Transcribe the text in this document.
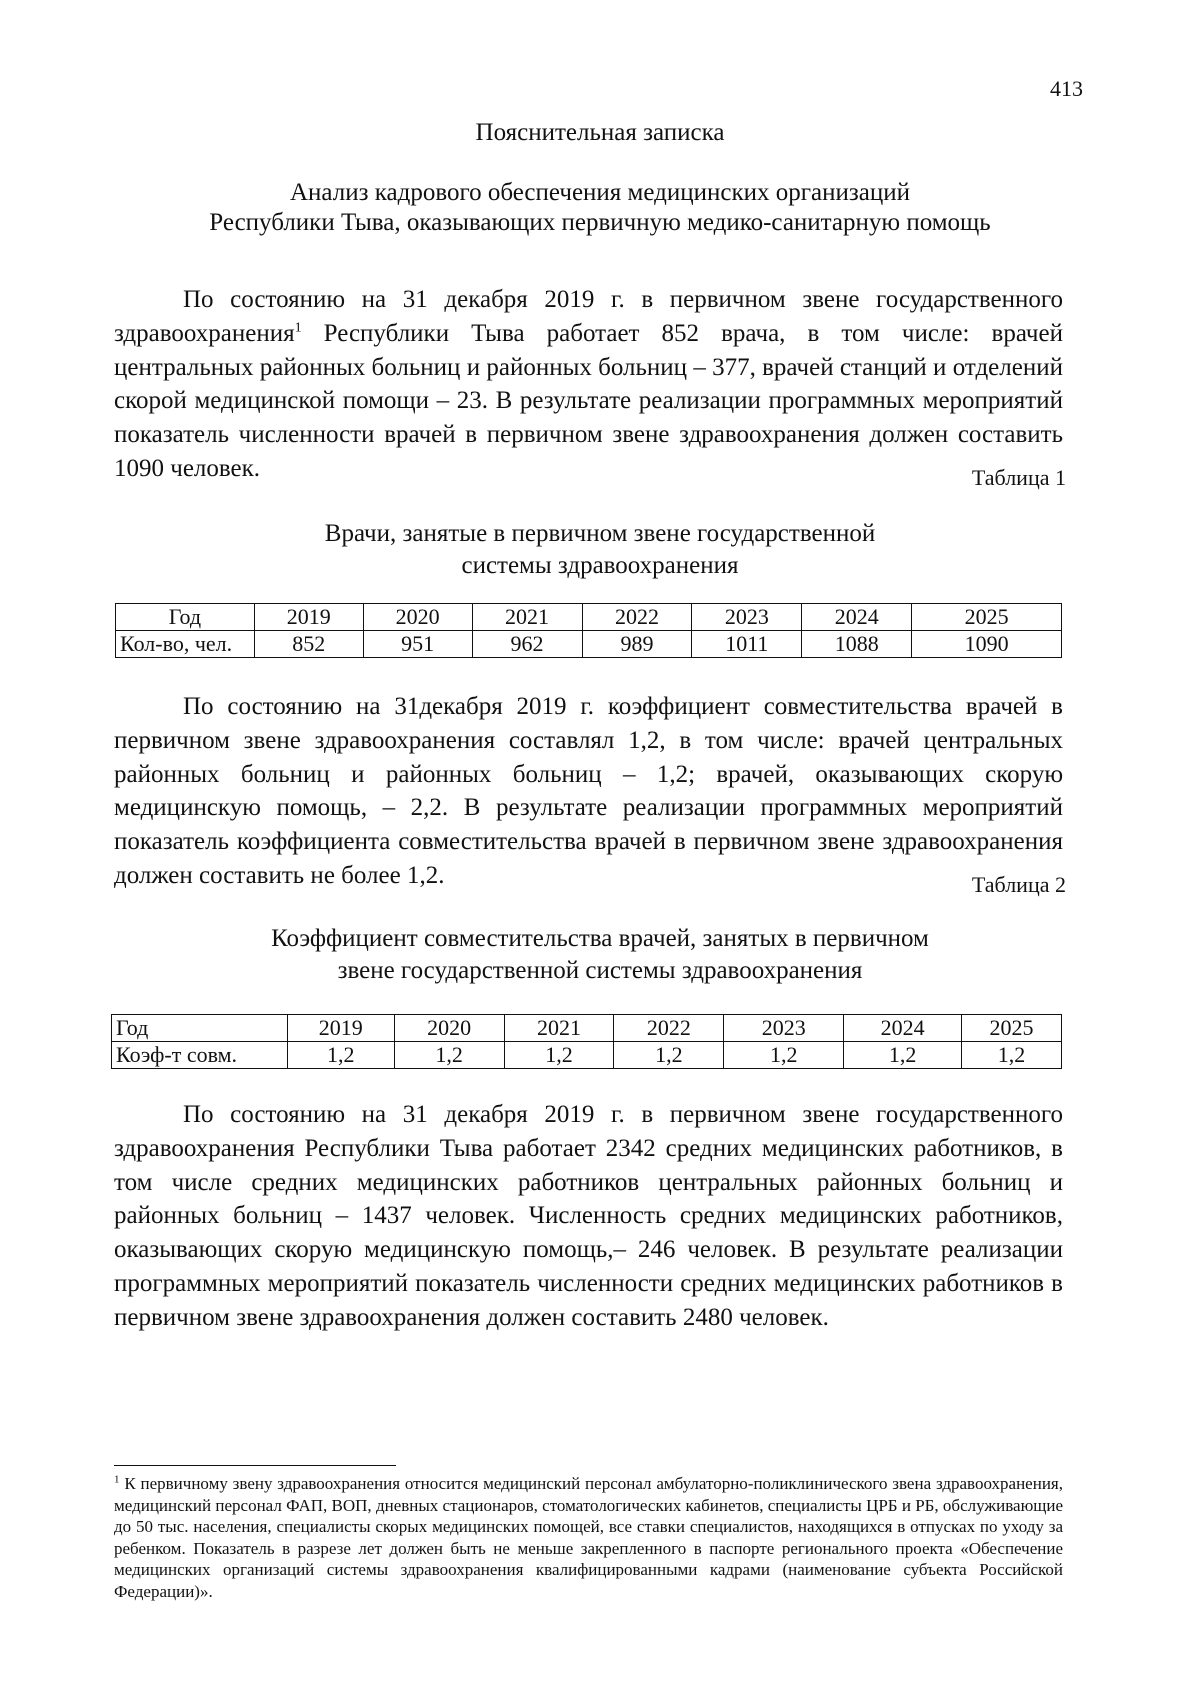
413
Пояснительная записка
Анализ кадрового обеспечения медицинских организаций
Республики Тыва, оказывающих первичную медико-санитарную помощь

По состоянию на 31 декабря 2019 г. в первичном звене государственного здравоохранения$^1$ Республики Тыва работает 852 врача, в том числе: врачей центральных районных больниц и районных больниц – 377, врачей станций и отделений скорой медицинской помощи – 23. В результате реализации программных мероприятий показатель численности врачей в первичном звене здравоохранения должен составить 1090 человек.	Таблица 1
Врачи, занятые в первичном звене государственной
системы здравоохранения
Год	2019	2020	2021	2022	2023	2024	2025
Кол-во, чел.	852	951	962	989	1011	1088	1090

По состоянию на 31декабря 2019 г. коэффициент совместительства врачей в первичном звене здравоохранения составлял 1,2, в том числе: врачей центральных районных больниц и районных больниц – 1,2; врачей, оказывающих скорую медицинскую помощь, – 2,2. В результате реализации программных мероприятий показатель коэффициента совместительства врачей в первичном звене здравоохранения должен составить не более 1,2.	Таблица 2
Коэффициент совместительства врачей, занятых в первичном
звене государственной системы здравоохранения
Год	2019	2020	2021	2022	2023	2024	2025
Коэф-т совм.	1,2	1,2	1,2	1,2	1,2	1,2	1,2

По состоянию на 31 декабря 2019 г. в первичном звене государственного здравоохранения Республики Тыва работает 2342 средних медицинских работников, в том числе средних медицинских работников центральных районных больниц и районных больниц – 1437 человек. Численность средних медицинских работников, оказывающих скорую медицинскую помощь,– 246 человек. В результате реализации программных мероприятий показатель численности средних медицинских работников в первичном звене здравоохранения должен составить 2480 человек.

$^1$ К первичному звену здравоохранения относится медицинский персонал амбулаторно-поликлинического звена здравоохранения, медицинский персонал ФАП, ВОП, дневных стационаров, стоматологических кабинетов, специалисты ЦРБ и РБ, обслуживающие до 50 тыс. населения, специалисты скорых медицинских помощей, все ставки специалистов, находящихся в отпусках по уходу за ребенком. Показатель в разрезе лет должен быть не меньше закрепленного в паспорте регионального проекта «Обеспечение медицинских организаций системы здравоохранения квалифицированными кадрами (наименование субъекта Российской Федерации)».
